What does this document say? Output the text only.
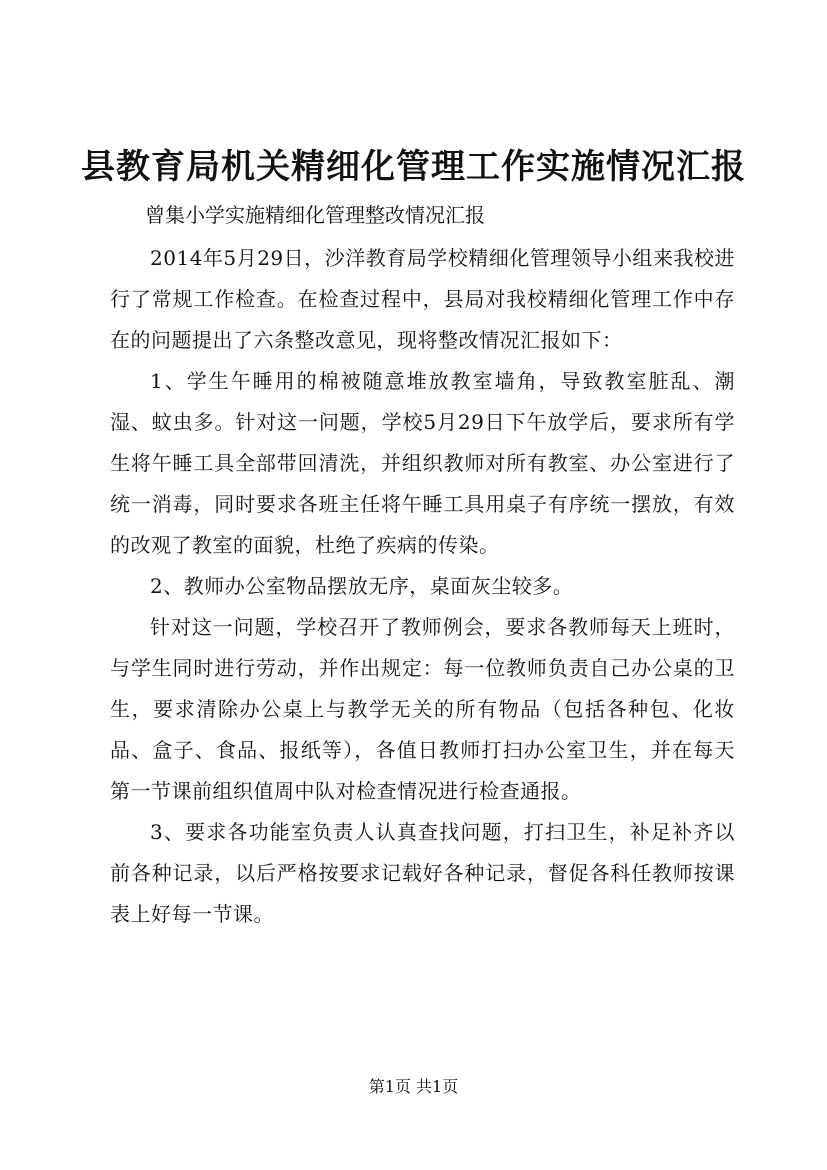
县教育局机关精细化管理工作实施情况汇报

曾集小学实施精细化管理整改情况汇报

2014年5月29日，沙洋教育局学校精细化管理领导小组来我校进行了常规工作检查。在检查过程中，县局对我校精细化管理工作中存在的问题提出了六条整改意见，现将整改情况汇报如下：

1、学生午睡用的棉被随意堆放教室墙角，导致教室脏乱、潮湿、蚊虫多。针对这一问题，学校5月29日下午放学后，要求所有学生将午睡工具全部带回清洗，并组织教师对所有教室、办公室进行了统一消毒，同时要求各班主任将午睡工具用桌子有序统一摆放，有效的改观了教室的面貌，杜绝了疾病的传染。

2、教师办公室物品摆放无序，桌面灰尘较多。

针对这一问题，学校召开了教师例会，要求各教师每天上班时，与学生同时进行劳动，并作出规定：每一位教师负责自己办公桌的卫生，要求清除办公桌上与教学无关的所有物品（包括各种包、化妆品、盒子、食品、报纸等），各值日教师打扫办公室卫生，并在每天第一节课前组织值周中队对检查情况进行检查通报。

3、要求各功能室负责人认真查找问题，打扫卫生，补足补齐以前各种记录，以后严格按要求记载好各种记录，督促各科任教师按课表上好每一节课。

第1页 共1页
